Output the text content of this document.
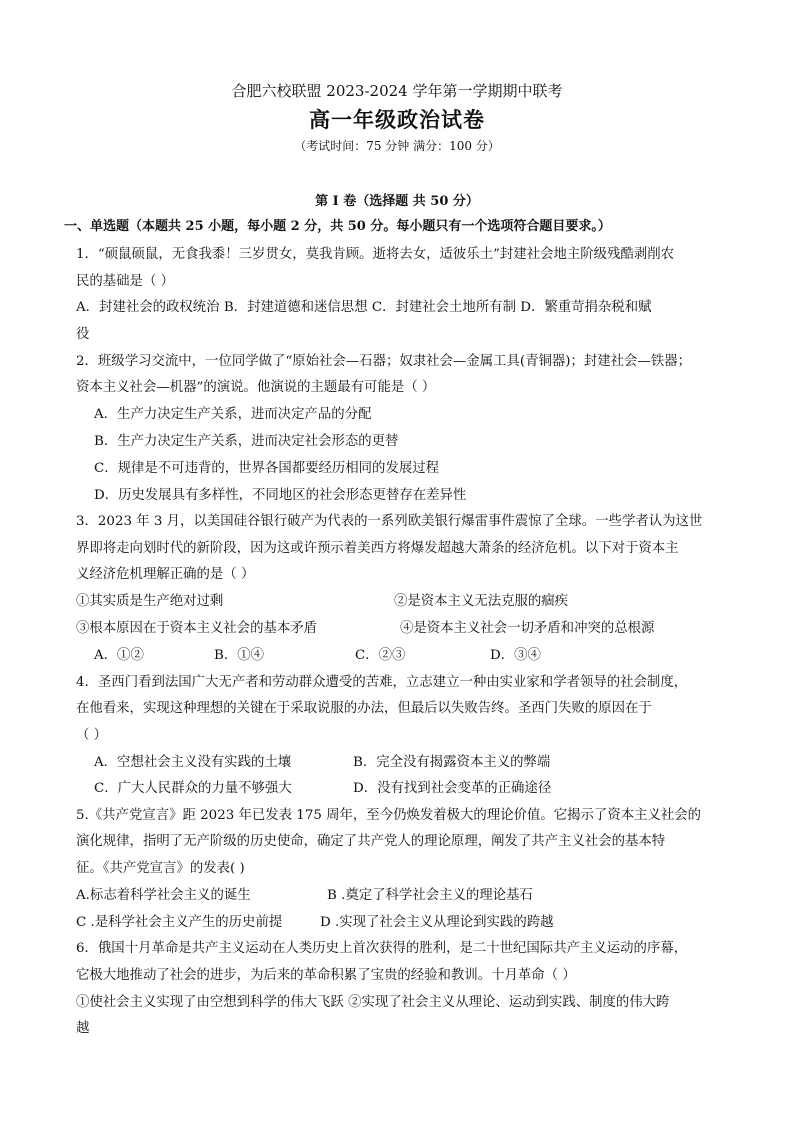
合肥六校联盟 2023-2024 学年第一学期期中联考
高一年级政治试卷
（考试时间：75 分钟 满分：100 分）
第 I 卷（选择题 共 50 分）
一、单选题（本题共 25 小题，每小题 2 分，共 50 分。每小题只有一个选项符合题目要求。）
1．“硕鼠硕鼠，无食我黍！三岁贯女，莫我肯顾。逝将去女，适彼乐土”封建社会地主阶级残酷剥削农
民的基础是（ ）
A．封建社会的政权统治 B．封建道德和迷信思想 C．封建社会土地所有制 D．繁重苛捐杂税和赋
役
2．班级学习交流中，一位同学做了“原始社会—石器；奴隶社会—金属工具(青铜器)；封建社会—铁器；
资本主义社会—机器”的演说。他演说的主题最有可能是（ ）
A．生产力决定生产关系，进而决定产品的分配
B．生产力决定生产关系，进而决定社会形态的更替
C．规律是不可违背的，世界各国都要经历相同的发展过程
D．历史发展具有多样性，不同地区的社会形态更替存在差异性
3．2023 年 3 月，以美国硅谷银行破产为代表的一系列欧美银行爆雷事件震惊了全球。一些学者认为这世
界即将走向划时代的新阶段，因为这或许预示着美西方将爆发超越大萧条的经济危机。以下对于资本主
义经济危机理解正确的是（ ）
①其实质是生产绝对过剩	②是资本主义无法克服的痼疾
③根本原因在于资本主义社会的基本矛盾	④是资本主义社会一切矛盾和冲突的总根源
A．①②	B．①④	C．②③	D．③④
4．圣西门看到法国广大无产者和劳动群众遭受的苦难，立志建立一种由实业家和学者领导的社会制度，
在他看来，实现这种理想的关键在于采取说服的办法，但最后以失败告终。圣西门失败的原因在于
（ ）
A．空想社会主义没有实践的土壤	B．完全没有揭露资本主义的弊端
C．广大人民群众的力量不够强大	D．没有找到社会变革的正确途径
5.《共产党宣言》距 2023 年已发表 175 周年，至今仍焕发着极大的理论价值。它揭示了资本主义社会的
演化规律，指明了无产阶级的历史使命，确定了共产党人的理论原理，阐发了共产主义社会的基本特
征。《共产党宣言》的发表( )
A.标志着科学社会主义的诞生	B .奠定了科学社会主义的理论基石
C .是科学社会主义产生的历史前提	D .实现了社会主义从理论到实践的跨越
6．俄国十月革命是共产主义运动在人类历史上首次获得的胜利，是二十世纪国际共产主义运动的序幕，
它极大地推动了社会的进步，为后来的革命积累了宝贵的经验和教训。十月革命（ ）
①使社会主义实现了由空想到科学的伟大飞跃 ②实现了社会主义从理论、运动到实践、制度的伟大跨
越
